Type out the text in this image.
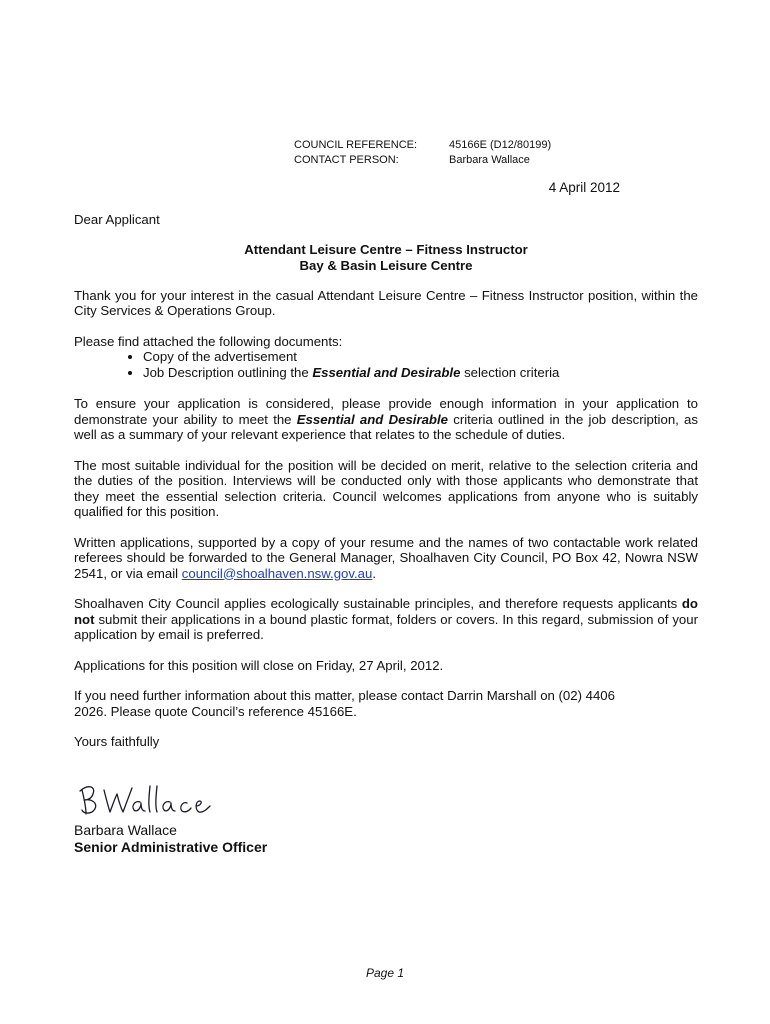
COUNCIL REFERENCE:	45166E (D12/80199)
CONTACT PERSON:	Barbara Wallace
4 April 2012
Dear Applicant
Attendant Leisure Centre – Fitness Instructor
Bay & Basin Leisure Centre

Thank you for your interest in the casual Attendant Leisure Centre – Fitness Instructor position, within the City Services & Operations Group.

Please find attached the following documents:

• Copy of the advertisement
• Job Description outlining the Essential and Desirable selection criteria

To ensure your application is considered, please provide enough information in your application to demonstrate your ability to meet the Essential and Desirable criteria outlined in the job description, as well as a summary of your relevant experience that relates to the schedule of duties.

The most suitable individual for the position will be decided on merit, relative to the selection criteria and the duties of the position. Interviews will be conducted only with those applicants who demonstrate that they meet the essential selection criteria. Council welcomes applications from anyone who is suitably qualified for this position.

Written applications, supported by a copy of your resume and the names of two contactable work related referees should be forwarded to the General Manager, Shoalhaven City Council, PO Box 42, Nowra NSW 2541, or via email council@shoalhaven.nsw.gov.au.

Shoalhaven City Council applies ecologically sustainable principles, and therefore requests applicants do not submit their applications in a bound plastic format, folders or covers. In this regard, submission of your application by email is preferred.

Applications for this position will close on Friday, 27 April, 2012.

If you need further information about this matter, please contact Darrin Marshall on (02) 4406
2026. Please quote Council’s reference 45166E.

Yours faithfully

Barbara Wallace
Senior Administrative Officer
Page 1
